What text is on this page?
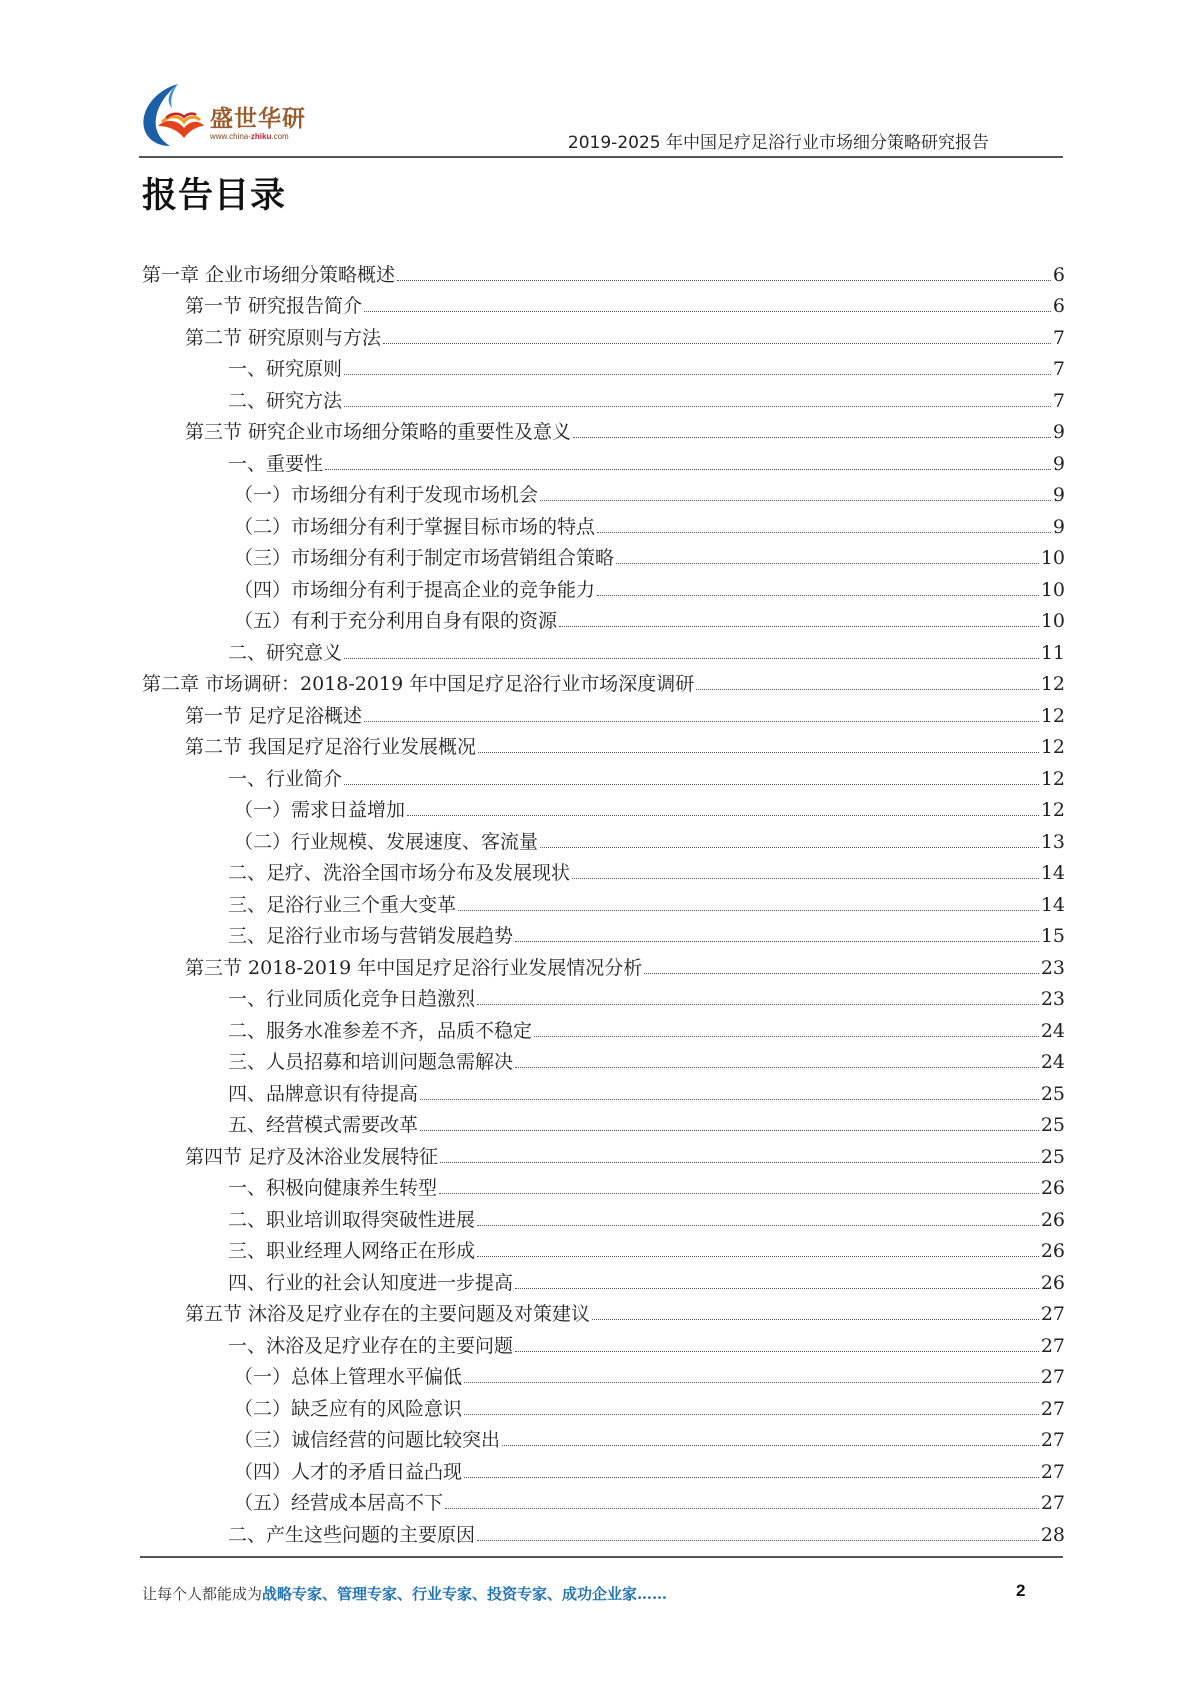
盛世华研
www.china-zhiku.com	2019-2025 年中国足疗足浴行业市场细分策略研究报告
报告目录
第一章 企业市场细分策略概述	6
第一节 研究报告简介	6
第二节 研究原则与方法	7
一、研究原则	7
二、研究方法	7
第三节 研究企业市场细分策略的重要性及意义	9
一、重要性	9
（一）市场细分有利于发现市场机会	9
（二）市场细分有利于掌握目标市场的特点	9
（三）市场细分有利于制定市场营销组合策略	10
（四）市场细分有利于提高企业的竞争能力	10
（五）有利于充分利用自身有限的资源	10
二、研究意义	11
第二章 市场调研：2018-2019 年中国足疗足浴行业市场深度调研	12
第一节 足疗足浴概述	12
第二节 我国足疗足浴行业发展概况	12
一、行业简介	12
（一）需求日益增加	12
（二）行业规模、发展速度、客流量	13
二、足疗、洗浴全国市场分布及发展现状	14
三、足浴行业三个重大变革	14
三、足浴行业市场与营销发展趋势	15
第三节 2018-2019 年中国足疗足浴行业发展情况分析	23
一、行业同质化竞争日趋激烈	23
二、服务水准参差不齐，品质不稳定	24
三、人员招募和培训问题急需解决	24
四、品牌意识有待提高	25
五、经营模式需要改革	25
第四节 足疗及沐浴业发展特征	25
一、积极向健康养生转型	26
二、职业培训取得突破性进展	26
三、职业经理人网络正在形成	26
四、行业的社会认知度进一步提高	26
第五节 沐浴及足疗业存在的主要问题及对策建议	27
一、沐浴及足疗业存在的主要问题	27
（一）总体上管理水平偏低	27
（二）缺乏应有的风险意识	27
（三）诚信经营的问题比较突出	27
（四）人才的矛盾日益凸现	27
（五）经营成本居高不下	27
二、产生这些问题的主要原因	28
让每个人都能成为战略专家、管理专家、行业专家、投资专家、成功企业家……	2
